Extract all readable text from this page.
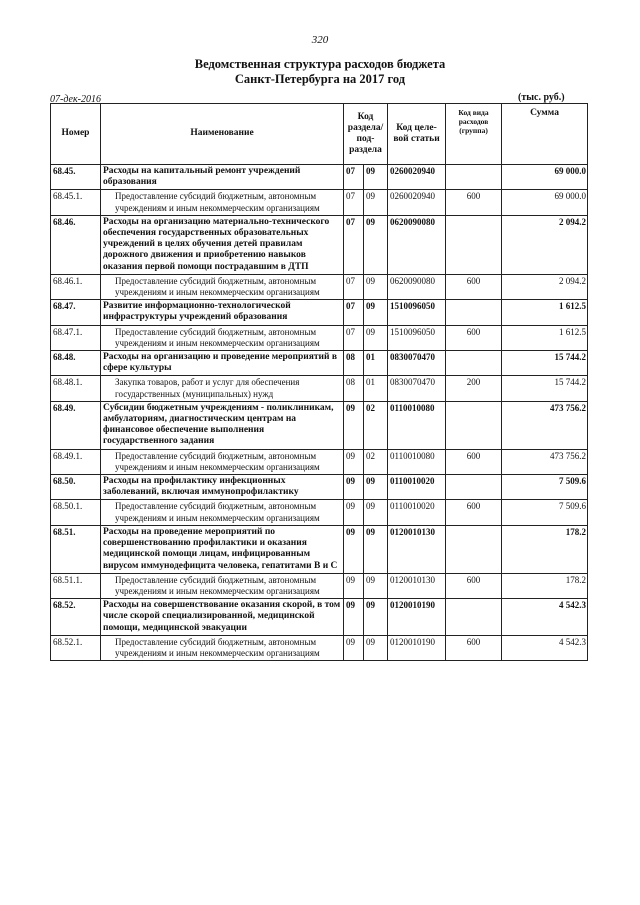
320
Ведомственная структура расходов бюджета
Санкт-Петербурга на 2017 год
07-дек-2016	(тыс. руб.)
Номер	Наименование	Код раздела/ под- раздела		Код целе- вой статьи	Код вида расходов (группа)	Сумма
68.45.	Расходы на капитальный ремонт учреждений образования	07	09	0260020940		69 000.0
68.45.1.	Предоставление субсидий бюджетным, автономным учреждениям и иным некоммерческим организациям	07	09	0260020940	600	69 000.0
68.46.	Расходы на организацию материально-технического обеспечения государственных образовательных учреждений в целях обучения детей правилам дорожного движения и приобретению навыков оказания первой помощи пострадавшим в ДТП	07	09	0620090080		2 094.2
68.46.1.	Предоставление субсидий бюджетным, автономным учреждениям и иным некоммерческим организациям	07	09	0620090080	600	2 094.2
68.47.	Развитие информационно-технологической инфраструктуры учреждений образования	07	09	1510096050		1 612.5
68.47.1.	Предоставление субсидий бюджетным, автономным учреждениям и иным некоммерческим организациям	07	09	1510096050	600	1 612.5
68.48.	Расходы на организацию и проведение мероприятий в сфере культуры	08	01	0830070470		15 744.2
68.48.1.	Закупка товаров, работ и услуг для обеспечения государственных (муниципальных) нужд	08	01	0830070470	200	15 744.2
68.49.	Субсидии бюджетным учреждениям - поликлиникам, амбулаториям, диагностическим центрам на финансовое обеспечение выполнения государственного задания	09	02	0110010080		473 756.2
68.49.1.	Предоставление субсидий бюджетным, автономным учреждениям и иным некоммерческим организациям	09	02	0110010080	600	473 756.2
68.50.	Расходы на профилактику инфекционных заболеваний, включая иммунопрофилактику	09	09	0110010020		7 509.6
68.50.1.	Предоставление субсидий бюджетным, автономным учреждениям и иным некоммерческим организациям	09	09	0110010020	600	7 509.6
68.51.	Расходы на проведение мероприятий по совершенствованию профилактики и оказания медицинской помощи лицам, инфицированным вирусом иммунодефицита человека, гепатитами В и С	09	09	0120010130		178.2
68.51.1.	Предоставление субсидий бюджетным, автономным учреждениям и иным некоммерческим организациям	09	09	0120010130	600	178.2
68.52.	Расходы на совершенствование оказания скорой, в том числе скорой специализированной, медицинской помощи, медицинской эвакуации	09	09	0120010190		4 542.3
68.52.1.	Предоставление субсидий бюджетным, автономным учреждениям и иным некоммерческим организациям	09	09	0120010190	600	4 542.3
